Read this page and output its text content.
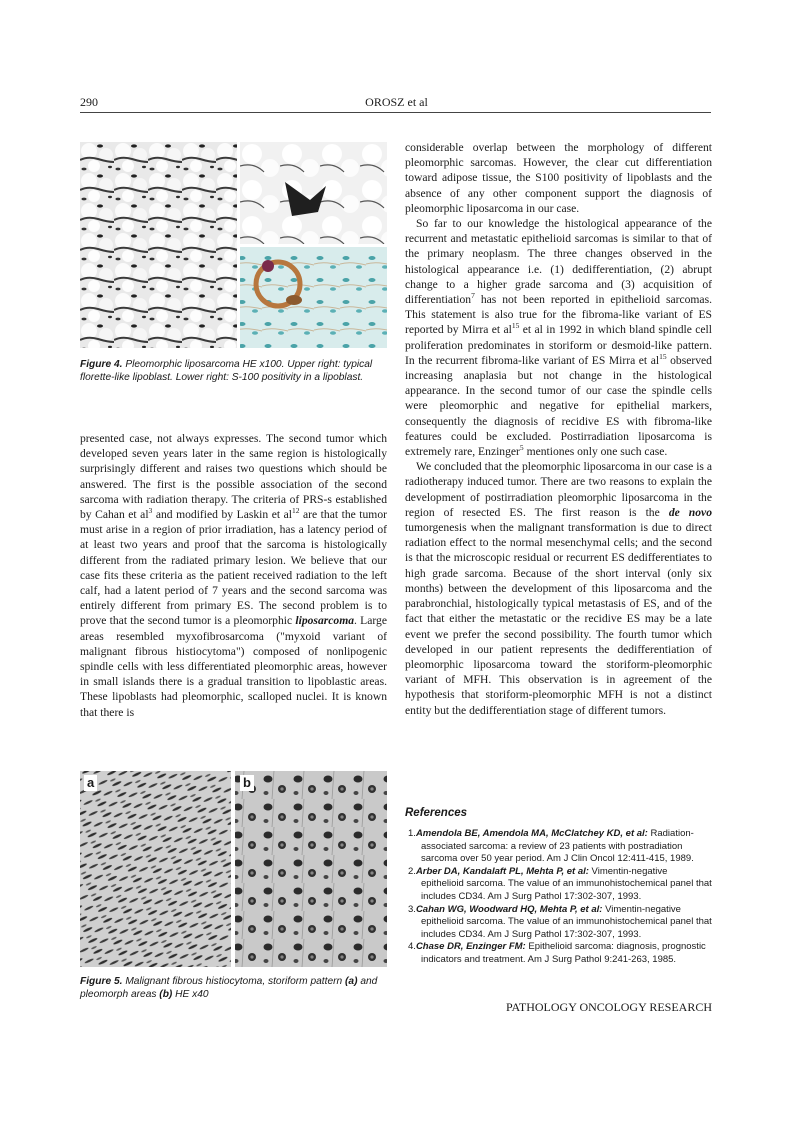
290	OROSZ et al
Figure 4. Pleomorphic liposarcoma HE x100. Upper right: typical florette-like lipoblast. Lower right: S-100 positivity in a lipoblast.

presented case, not always expresses. The second tumor which developed seven years later in the same region is histologically surprisingly different and raises two questions which should be answered. The first is the possible association of the second sarcoma with radiation therapy. The criteria of PRS-s established by Cahan et $al^3$ and modified by Laskin et $al^{12}$ are that the tumor must arise in a region of prior irradiation, has a latency period of at least two years and proof that the sarcoma is histologically different from the radiated primary lesion. We believe that our case fits these criteria as the patient received radiation to the left calf, had a latent period of 7 years and the second sarcoma was entirely different from primary ES. The second problem is to prove that the second tumor is a pleomorphic liposarcoma. Large areas resembled myxofibrosarcoma ("myxoid variant of malignant fibrous histiocytoma") composed of nonlipogenic spindle cells with less differentiated pleomorphic areas, however in small islands there is a gradual transition to lipoblastic areas. These lipoblasts had pleomorphic, scalloped nuclei. It is known that there is

a	b
Figure 5. Malignant fibrous histiocytoma, storiform pattern (a) and pleomorph areas (b) HE x40

considerable overlap between the morphology of different pleomorphic sarcomas. However, the clear cut differentiation toward adipose tissue, the S100 positivity of lipoblasts and the absence of any other component support the diagnosis of pleomorphic liposarcoma in our case.

So far to our knowledge the histological appearance of the recurrent and metastatic epithelioid sarcomas is similar to that of the primary neoplasm. The three changes observed in the histological appearance i.e. (1) dedifferentiation, (2) abrupt change to a higher grade sarcoma and (3) acquisition of differentiation$^7$ has not been reported in epithelioid sarcomas. This statement is also true for the fibroma-like variant of ES reported by Mirra et $al^{15}$ et al in 1992 in which bland spindle cell proliferation predominates in storiform or desmoid-like pattern. In the recurrent fibroma-like variant of ES Mirra et $al^{15}$ observed increasing anaplasia but not change in the histological appearance. In the second tumor of our case the spindle cells were pleomorphic and negative for epithelial markers, consequently the diagnosis of recidive ES with fibroma-like features could be excluded. Postirradiation liposarcoma is extremely rare, Enzinger$^5$ mentiones only one such case.

We concluded that the pleomorphic liposarcoma in our case is a radiotherapy induced tumor. There are two reasons to explain the development of postirradiation pleomorphic liposarcoma in the region of resected ES. The first reason is the de novo tumorgenesis when the malignant transformation is due to direct radiation effect to the normal mesenchymal cells; and the second is that the microscopic residual or recurrent ES dedifferentiates to high grade sarcoma. Because of the short interval (only six months) between the development of this liposarcoma and the parabronchial, histologically typical metastasis of ES, and of the fact that either the metastatic or the recidive ES may be a late event we prefer the second possibility. The fourth tumor which developed in our patient represents the dedifferentiation of pleomorphic liposarcoma toward the storiform-pleomorphic variant of MFH. This observation is in agreement of the hypothesis that storiform-pleomorphic MFH is not a distinct entity but the dedifferentiation stage of different tumors.

References

1.Amendola BE, Amendola MA, McClatchey KD, et al: Radiation-associated sarcoma: a review of 23 patients with postradiation sarcoma over 50 year period. Am J Clin Oncol 12:411-415, 1989.

2.Arber DA, Kandalaft PL, Mehta P, et al: Vimentin-negative epithelioid sarcoma. The value of an immunohistochemical panel that includes CD34. Am J Surg Pathol 17:302-307, 1993.

3.Cahan WG, Woodward HQ, Mehta P, et al: Vimentin-negative epithelioid sarcoma. The value of an immunohistochemical panel that includes CD34. Am J Surg Pathol 17:302-307, 1993.

4.Chase DR, Enzinger FM: Epithelioid sarcoma: diagnosis, prognostic indicators and treatment. Am J Surg Pathol 9:241-263, 1985.

PATHOLOGY ONCOLOGY RESEARCH
